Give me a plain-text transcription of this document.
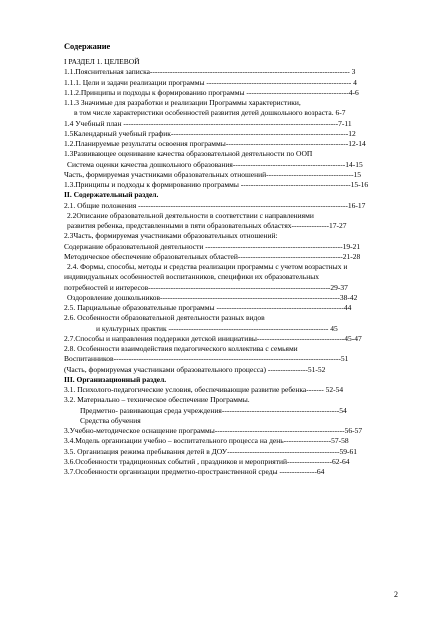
Содержание
I РАЗДЕЛ 1. ЦЕЛЕВОЙ
1.1.Пояснительная записка-------------------------------------------------------------------------------- 3
1.1.1. Цели и задачи реализации программы ---------------------------------------------------------- 4
1.1.2.Принципы и подходы к формированию программы -----------------------------------------4-6
1.1.3 Значимые для разработки и реализации Программы характеристики,
в том числе характеристики особенностей развития детей дошкольного возраста. 6-7
1.4 Учебный план --------------------------------------------------------------------------------------7-11
1.5Календарный учебный график-----------------------------------------------------------------------12
1.2.Планируемые результаты освоения программы-------------------------------------------------12-14
1.3Развивающее оценивание качества образовательной деятельности по ООП
Система оценки качества дошкольного образования---------------------------------------------14-15
Часть, формируемая участниками образовательных отношений-----------------------------------15
1.3.Принципы и подходы к формированию программы --------------------------------------------15-16
II. Содержательный раздел.
2.1. Общие положения ------------------------------------------------------------------------------------16-17
2.2Описание образовательной деятельности в соответствии с направлениями
развития ребенка, представленными в пяти образовательных областях---------------17-27
2.3Часть, формируемая участниками образовательных отношений:
Содержание образовательной деятельности -------------------------------------------------------19-21
Методическое обеспечение образовательных областей------------------------------------------21-28
2.4. Формы, способы, методы и средства реализации программы с учетом возрастных и
индивидуальных особенностей воспитанников, специфики их образовательных
потребностей и интересов-------------------------------------------------------------------------29-37
Оздоровление дошкольников------------------------------------------------------------------------38-42
2.5. Парциальные образовательные программы ---------------------------------------------------44
2.6. Особенности образовательной деятельности разных видов
и культурных практик ---------------------------------------------------------------- 45
2.7.Способы и направления поддержки детской инициативы-----------------------------------45-47
2.8. Особенности взаимодействия педагогического коллектива с семьями
Воспитанников-------------------------------------------------------------------------------------------51
(Часть, формируемая участниками образовательного процесса) ----------------51-52
III. Организационный раздел.
3.1. Психолого-педагогические условия, обеспечивающие развитие ребенка------- 52-54
3.2. Материально – техническое обеспечение Программы.
Предметно- развивающая среда учреждения-----------------------------------------------54
Средства обучения
3.Учебно-методическое оснащение программы----------------------------------------------------56-57
3.4.Модель организации учебно – воспитательного процесса на день-------------------57-58
3.5. Организация режима пребывания детей в ДОУ---------------------------------------------59-61
3.6.Особенности традиционных событий , праздников и мероприятий------------------62-64
3.7.Особенности организации предметно-пространственной среды ---------------64
2
